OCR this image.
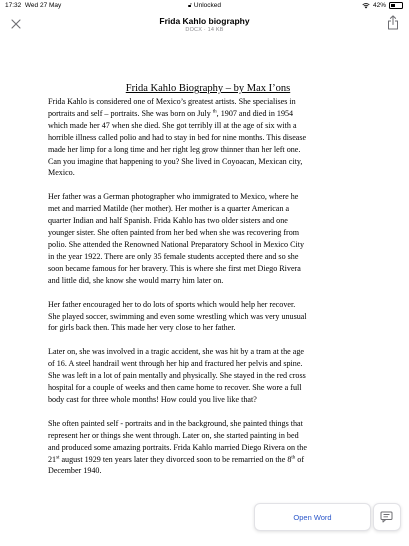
17:32 Wed 27 May	🔓︎ Unlocked	42%
Frida Kahlo biography
DOCX · 14 KB
Frida Kahlo Biography – by Max I’ons
Frida Kahlo is considered one of Mexico’s greatest artists. She specialises in
portraits and self – portraits. She was born on July $^{th}$, 1907 and died in 1954
which made her 47 when she died. She got terribly ill at the age of six with a
horrible illness called polio and had to stay in bed for nine months. This disease
made her limp for a long time and her right leg grow thinner than her left one.
Can you imagine that happening to you? She lived in Coyoacan, Mexican city,
Mexico.
Her father was a German photographer who immigrated to Mexico, where he
met and married Matilde (her mother). Her mother is a quarter American a
quarter Indian and half Spanish. Frida Kahlo has two older sisters and one
younger sister. She often painted from her bed when she was recovering from
polio. She attended the Renowned National Preparatory School in Mexico City
in the year 1922. There are only 35 female students accepted there and so she
soon became famous for her bravery. This is where she first met Diego Rivera
and little did, she know she would marry him later on.
Her father encouraged her to do lots of sports which would help her recover.
She played soccer, swimming and even some wrestling which was very unusual
for girls back then. This made her very close to her father.
Later on, she was involved in a tragic accident, she was hit by a tram at the age
of 16. A steel handrail went through her hip and fractured her pelvis and spine.
She was left in a lot of pain mentally and physically. She stayed in the red cross
hospital for a couple of weeks and then came home to recover. She wore a full
body cast for three whole months! How could you live like that?
She often painted self - portraits and in the background, she painted things that
represent her or things she went through. Later on, she started painting in bed
and produced some amazing portraits. Frida Kahlo married Diego Rivera on the
21st august 1929 ten years later they divorced soon to be remarried on the 8th of
December 1940.
Open Word
